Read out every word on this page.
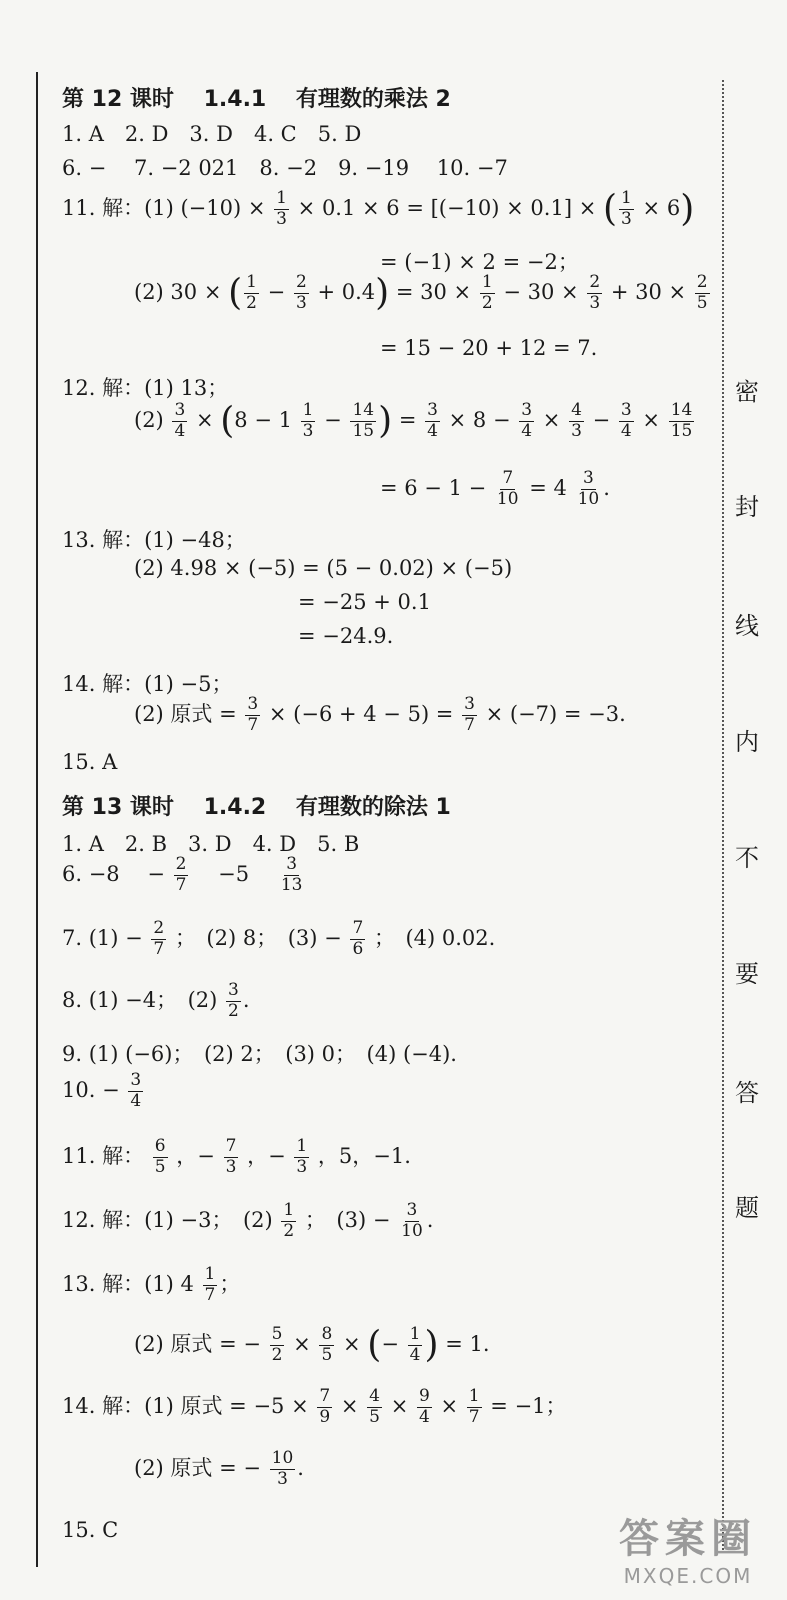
密
封
线
内
不
要
答
题
第 12 课时　 1.4.1　 有理数的乘法 2
1. A　2. D　3. D　4. C　5. D
6. −　 7. −2 021　8. −2　9. −19　 10. −7
11. 解：(1) $(-10) \times \frac{1}{3} \times 0.1 \times 6 = [(-10) \times 0.1]$ × ( $\frac{1}{3} \times 6$)
= (−1) × 2 = −2；
(2) 30 × ( $\frac{1}{2} - \frac{2}{3} + 0.4) = 30 \times \frac{1}{2} - 30 \times \frac{2}{3} + 30 \times \frac{2}{5}$
= 15 − 20 + 12 = 7.
12. 解：(1) 13；
$(2) \frac{3}{4} \times (8 - 1 \frac{1}{3} - \frac{14}{15}$ ) = $\frac{3}{4} \times 8 - \frac{3}{4} \times \frac{4}{3} - \frac{3}{4} \times \frac{14}{15}$
= $6 - 1 - \frac{7}{10} = 4 \frac{3}{10}$ .
13. 解：(1) −48；
(2) 4.98 × (−5) = (5 − 0.02) × (−5)
= −25 + 0.1
= −24.9.
14. 解：(1) −5；
(2) 原式 = $\frac{3}{7} \times (-6 + 4 - 5) = \frac{3}{7} \times (-7) = -3$.
15. A
第 13 课时　 1.4.2　 有理数的除法 1
1. A　2. B　3. D　4. D　5. B
6. −8　 − $\frac{2}{7}$
　 −5　 $\frac{3}{13}$
7. $(1) - \frac{2}{7}$ ；　(2) 8；　$(3) - \frac{7}{6}$ ；　(4) 0.02.
8. (1) −4；　$(2) \frac{3}{2}$ .
9. (1) (−6)；　(2) 2；　(3) 0；　(4) (−4).
10. − $\frac{3}{4}$
11. 解： $\frac{6}{5}$ ，− $\frac{7}{3}$ ，− $\frac{1}{3}$ ，5，−1.
12. 解：(1) −3；　$(2) \frac{1}{2}$ ；　$(3) - \frac{3}{10}$ .
13. 解：(1) $4 \frac{1}{7}$ ；
(2) 原式 = − $\frac{5}{2} \times \frac{8}{5}$ × (− $\frac{1}{4}$ ) = 1.
14. 解：(1) 原式 = $-5 \times \frac{7}{9} \times \frac{4}{5} \times \frac{9}{4} \times \frac{1}{7} = -1$；
(2) 原式 = − $\frac{10}{3}$ .
15. C	答案圈
MXQE.COM
